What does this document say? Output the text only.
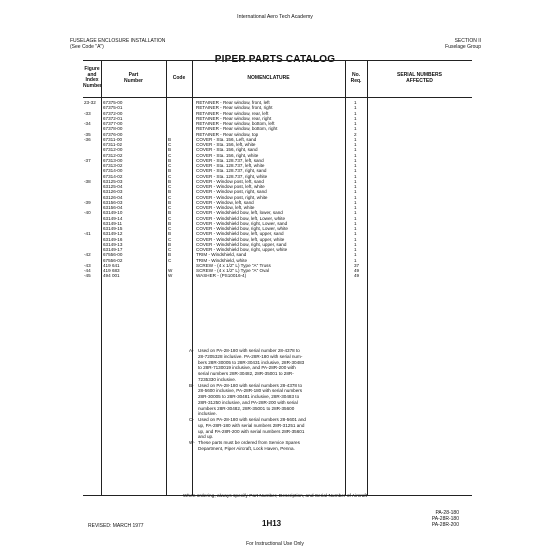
International Aero Tech Academy
FUSELAGE ENCLOSURE INSTALLATION
(See Code "A")
SECTION II
Fuselage Group
PIPER PARTS CATALOG
Figure
and
Index
Number
Part
Number	Code	NOMENCLATURE	No.
Req.
SERIAL NUMBERS
AFFECTED
23-32 67375-00	RETAINER - Rear window, front, left	1
67375-01	RETAINER - Rear window, front, right	1
-33	67372-00	RETAINER - Rear window, rear, left	1
67372-01	RETAINER - Rear window, rear, right	1
-34	67377-00	RETAINER - Rear window, bottom, left	1
67378-00	RETAINER - Rear window, bottom, right	1
-35	67376-00	RETAINER - Rear window, top	2
-36	67311-00	B	COVER - Sta. 156, Left, sand	1
67311-02	C	COVER - Sta. 156, left, white	1
67312-00	B	COVER - Sta. 156, right, sand	1
67312-02	C	COVER - Sta. 156, right, white	1
-37	67313-00	B	COVER - Sta. 128.737, left, sand	1
67313-02	C	COVER - Sta. 128.737, left, white	1
67314-00	B	COVER - Sta. 128.737, right, sand	1
67314-02	C	COVER - Sta. 128.737, right, white	1
-38	63125-03	B	COVER - Window post, left, sand	1
63125-04	C	COVER - Window post, left, white	1
63126-03	B	COVER - Window post, right, sand	1
63126-04	C	COVER - Window post, right, white	1
-39	63156-03	B	COVER - Window, left, sand	1
63156-04	C	COVER - Window, left, white	1
-40	63149-10	B	COVER - Windshield bow, left, lower, sand	1
63149-14	C	COVER - Windshield bow, left, Lower, white	1
63149-11	B	COVER - Windshield bow, right, Lower, sand	1
63149-15	C	COVER - Windshield bow, right, Lower, white	1
-41	63149-12	B	COVER - Windshield bow, left, upper, sand	1
63149-16	C	COVER - Windshield bow, left, upper, white	1
63149-13	B	COVER - Windshield bow, right, upper, sand	1
63149-17	C	COVER - Windshield bow, right, upper, white	1
-42	67556-00	B	TRIM - Windshield, sand	1
67556-02	C	TRIM - Windshield, white	1
-43	419 641	SCREW - (4 x 1/2" L) Type "A" Truss	37
-44	419 683	W	SCREW - (4 x 1/2" L) Type "A" Oval	49
-45	494 001	W	WASHER - (PS10016-4)	49
A- Used on PA-28-180 with serial number 28-4378 to
28-7205328 inclusive. PA-28R-180 with serial num-
bers 28R-30005 to 28R-30431 inclusive, 28R-30483
to 28R-7130019 inclusive, and PA-28R-200 with
serial numbers 28R-30482, 28R-35001 to 28R-
7235330 inclusive.
B- Used on PA-28-180 with serial numbers 28-4378 to
28-5600 inclusive, PA-28R-180 with serial numbers
28R-30005 to 28R-30481 inclusive, 28R-30483 to
28R-31250 inclusive, and PA-28R-200 with serial
numbers 28R-30482, 28R-35001 to 28R-35600
inclusive.
C- Used on PA-28-180 with serial numbers 28-5601 and
up, PA-28R-180 with serial numbers 28R-31251 and
up, and PA-28R-200 with serial numbers 28R-35601
and up.
W- These parts must be ordered from Service Spares
Department, Piper Aircraft, Lock Haven, Penna.
When ordering, always specify Part Number, Description, and Serial Number of Aircraft
REVISED: MARCH 1977	1H13
PA-28-180
PA-28R-180
PA-28R-200
For Instructional Use Only
